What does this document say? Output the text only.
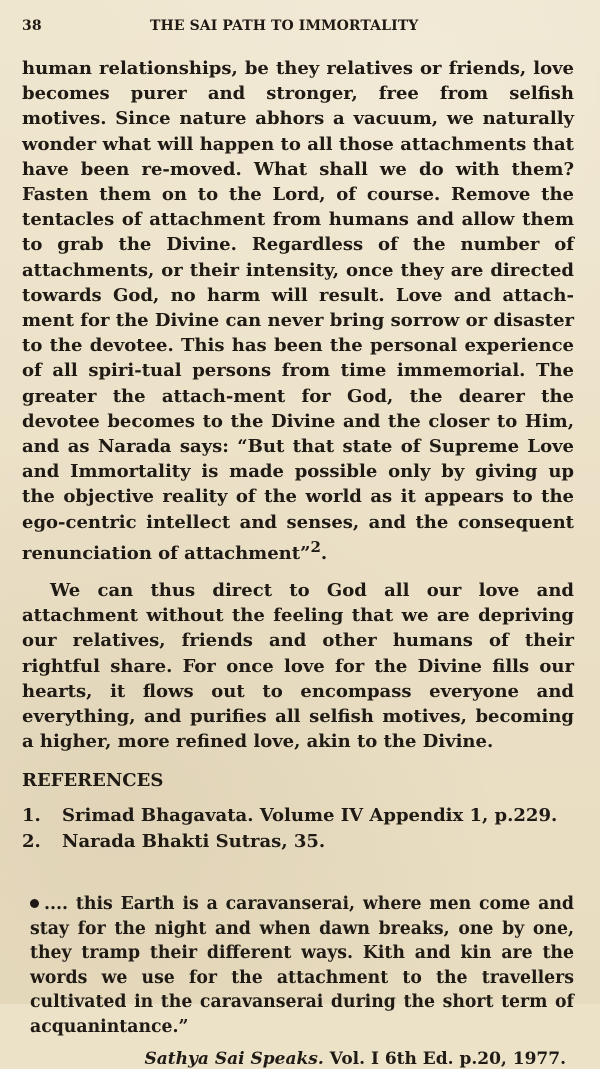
38	THE SAI PATH TO IMMORTALITY

human relationships, be they relatives or friends, love becomes purer and stronger, free from selfish motives. Since nature abhors a vacuum, we naturally wonder what will happen to all those attachments that have been re-moved. What shall we do with them? Fasten them on to the Lord, of course. Remove the tentacles of attachment from humans and allow them to grab the Divine. Regardless of the number of attachments, or their intensity, once they are directed towards God, no harm will result. Love and attach-ment for the Divine can never bring sorrow or disaster to the devotee. This has been the personal experience of all spiri-tual persons from time immemorial. The greater the attach-ment for God, the dearer the devotee becomes to the Divine and the closer to Him, and as Narada says: “But that state of Supreme Love and Immortality is made possible only by giving up the objective reality of the world as it appears to the ego-centric intellect and senses, and the consequent renunciation of attachment”$^2$.

We can thus direct to God all our love and attachment without the feeling that we are depriving our relatives, friends and other humans of their rightful share. For once love for the Divine fills our hearts, it flows out to encompass everyone and everything, and purifies all selfish motives, becoming a higher, more refined love, akin to the Divine.

REFERENCES
1.	Srimad Bhagavata. Volume IV Appendix 1, p.229.
2.	Narada Bhakti Sutras, 35.
.... this Earth is a caravanserai, where men come and stay for the night and when dawn breaks, one by one, they tramp their different ways. Kith and kin are the words we use for the attachment to the travellers cultivated in the caravanserai during the short term of acquanintance.”
Sathya Sai Speaks. Vol. I 6th Ed. p.20, 1977.
